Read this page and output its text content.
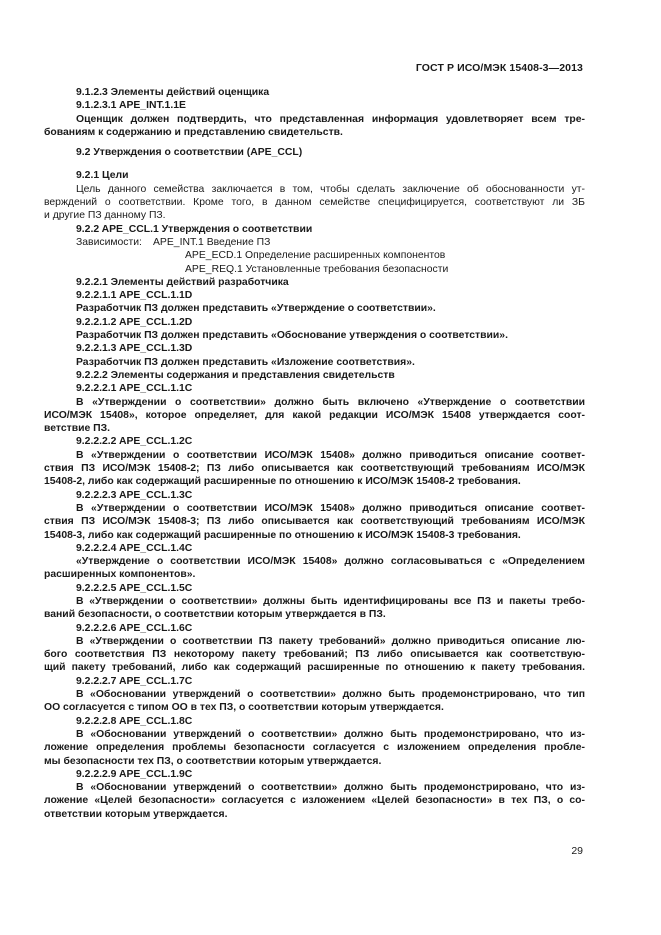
ГОСТ Р ИСО/МЭК 15408-3—2013
9.1.2.3 Элементы действий оценщика
9.1.2.3.1 APE_INT.1.1E
Оценщик должен подтвердить, что представленная информация удовлетворяет всем тре-
бованиям к содержанию и представлению свидетельств.
9.2 Утверждения о соответствии (APE_CCL)
9.2.1 Цели
Цель данного семейства заключается в том, чтобы сделать заключение об обоснованности ут-
верждений о соответствии. Кроме того, в данном семействе специфицируется, соответствуют ли ЗБ
и другие ПЗ данному ПЗ.
9.2.2 APE_CCL.1 Утверждения о соответствии
Зависимости: APE_INT.1 Введение ПЗ
APE_ECD.1 Определение расширенных компонентов
APE_REQ.1 Установленные требования безопасности
9.2.2.1 Элементы действий разработчика
9.2.2.1.1 APE_CCL.1.1D
Разработчик ПЗ должен представить «Утверждение о соответствии».
9.2.2.1.2 APE_CCL.1.2D
Разработчик ПЗ должен представить «Обоснование утверждения о соответствии».
9.2.2.1.3 APE_CCL.1.3D
Разработчик ПЗ должен представить «Изложение соответствия».
9.2.2.2 Элементы содержания и представления свидетельств
9.2.2.2.1 APE_CCL.1.1C
В «Утверждении о соответствии» должно быть включено «Утверждение о соответствии
ИСО/МЭК 15408», которое определяет, для какой редакции ИСО/МЭК 15408 утверждается соот-
ветствие ПЗ.
9.2.2.2.2 APE_CCL.1.2C
В «Утверждении о соответствии ИСО/МЭК 15408» должно приводиться описание соответ-
ствия ПЗ ИСО/МЭК 15408-2; ПЗ либо описывается как соответствующий требованиям ИСО/МЭК
15408-2, либо как содержащий расширенные по отношению к ИСО/МЭК 15408-2 требования.
9.2.2.2.3 APE_CCL.1.3C
В «Утверждении о соответствии ИСО/МЭК 15408» должно приводиться описание соответ-
ствия ПЗ ИСО/МЭК 15408-3; ПЗ либо описывается как соответствующий требованиям ИСО/МЭК
15408-3, либо как содержащий расширенные по отношению к ИСО/МЭК 15408-3 требования.
9.2.2.2.4 APE_CCL.1.4C
«Утверждение о соответствии ИСО/МЭК 15408» должно согласовываться с «Определением
расширенных компонентов».
9.2.2.2.5 APE_CCL.1.5C
В «Утверждении о соответствии» должны быть идентифицированы все ПЗ и пакеты требо-
ваний безопасности, о соответствии которым утверждается в ПЗ.
9.2.2.2.6 APE_CCL.1.6C
В «Утверждении о соответствии ПЗ пакету требований» должно приводиться описание лю-
бого соответствия ПЗ некоторому пакету требований; ПЗ либо описывается как соответствую-
щий пакету требований, либо как содержащий расширенные по отношению к пакету требования.
9.2.2.2.7 APE_CCL.1.7C
В «Обосновании утверждений о соответствии» должно быть продемонстрировано, что тип
ОО согласуется с типом ОО в тех ПЗ, о соответствии которым утверждается.
9.2.2.2.8 APE_CCL.1.8C
В «Обосновании утверждений о соответствии» должно быть продемонстрировано, что из-
ложение определения проблемы безопасности согласуется с изложением определения пробле-
мы безопасности тех ПЗ, о соответствии которым утверждается.
9.2.2.2.9 APE_CCL.1.9C
В «Обосновании утверждений о соответствии» должно быть продемонстрировано, что из-
ложение «Целей безопасности» согласуется с изложением «Целей безопасности» в тех ПЗ, о со-
ответствии которым утверждается.
29
